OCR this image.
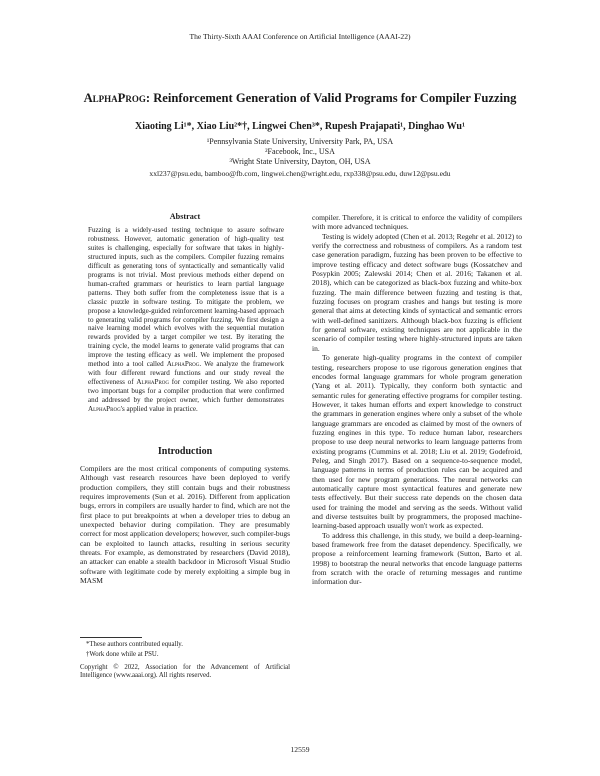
The Thirty-Sixth AAAI Conference on Artificial Intelligence (AAAI-22)
AlphaProg: Reinforcement Generation of Valid Programs for Compiler Fuzzing
Xiaoting Li¹*, Xiao Liu²*†, Lingwei Chen³*, Rupesh Prajapati¹, Dinghao Wu¹
¹Pennsylvania State University, University Park, PA, USA
²Facebook, Inc., USA
³Wright State University, Dayton, OH, USA
xxl237@psu.edu, bamboo@fb.com, lingwei.chen@wright.edu, rxp338@psu.edu, duw12@psu.edu
Abstract
Fuzzing is a widely-used testing technique to assure software robustness. However, automatic generation of high-quality test suites is challenging, especially for software that takes in highly-structured inputs, such as the compilers. Compiler fuzzing remains difficult as generating tons of syntactically and semantically valid programs is not trivial. Most previous methods either depend on human-crafted grammars or heuristics to learn partial language patterns. They both suffer from the completeness issue that is a classic puzzle in software testing. To mitigate the problem, we propose a knowledge-guided reinforcement learning-based approach to generating valid programs for compiler fuzzing. We first design a naive learning model which evolves with the sequential mutation rewards provided by a target compiler we test. By iterating the training cycle, the model learns to generate valid programs that can improve the testing efficacy as well. We implement the proposed method into a tool called AlphaProg. We analyze the framework with four different reward functions and our study reveal the effectiveness of AlphaProg for compiler testing. We also reported two important bugs for a compiler production that were confirmed and addressed by the project owner, which further demonstrates AlphaProg's applied value in practice.
Introduction
Compilers are the most critical components of computing systems. Although vast research resources have been deployed to verify production compilers, they still contain bugs and their robustness requires improvements (Sun et al. 2016). Different from application bugs, errors in compilers are usually harder to find, which are not the first place to put breakpoints at when a developer tries to debug an unexpected behavior during compilation. They are presumably correct for most application developers; however, such compiler-bugs can be exploited to launch attacks, resulting in serious security threats. For example, as demonstrated by researchers (David 2018), an attacker can enable a stealth backdoor in Microsoft Visual Studio software with legitimate code by merely exploiting a simple bug in MASM
*These authors contributed equally.
†Work done while at PSU.
Copyright © 2022, Association for the Advancement of Artificial Intelligence (www.aaai.org). All rights reserved.

compiler. Therefore, it is critical to enforce the validity of compilers with more advanced techniques.

Testing is widely adopted (Chen et al. 2013; Regehr et al. 2012) to verify the correctness and robustness of compilers. As a random test case generation paradigm, fuzzing has been proven to be effective to improve testing efficacy and detect software bugs (Kossatchev and Posypkin 2005; Zalewski 2014; Chen et al. 2016; Takanen et al. 2018), which can be categorized as black-box fuzzing and white-box fuzzing. The main difference between fuzzing and testing is that, fuzzing focuses on program crashes and hangs but testing is more general that aims at detecting kinds of syntactical and semantic errors with well-defined sanitizers. Although black-box fuzzing is efficient for general software, existing techniques are not applicable in the scenario of compiler testing where highly-structured inputs are taken in.

To generate high-quality programs in the context of compiler testing, researchers propose to use rigorous generation engines that encodes formal language grammars for whole program generation (Yang et al. 2011). Typically, they conform both syntactic and semantic rules for generating effective programs for compiler testing. However, it takes human efforts and expert knowledge to construct the grammars in generation engines where only a subset of the whole language grammars are encoded as claimed by most of the owners of fuzzing engines in this type. To reduce human labor, researchers propose to use deep neural networks to learn language patterns from existing programs (Cummins et al. 2018; Liu et al. 2019; Godefroid, Peleg, and Singh 2017). Based on a sequence-to-sequence model, language patterns in terms of production rules can be acquired and then used for new program generations. The neural networks can automatically capture most syntactical features and generate new tests effectively. But their success rate depends on the chosen data used for training the model and serving as the seeds. Without valid and diverse testsuites built by programmers, the proposed machine-learning-based approach usually won't work as expected.

To address this challenge, in this study, we build a deep-learning-based framework free from the dataset dependency. Specifically, we propose a reinforcement learning framework (Sutton, Barto et al. 1998) to bootstrap the neural networks that encode language patterns from scratch with the oracle of returning messages and runtime information dur-

12559
